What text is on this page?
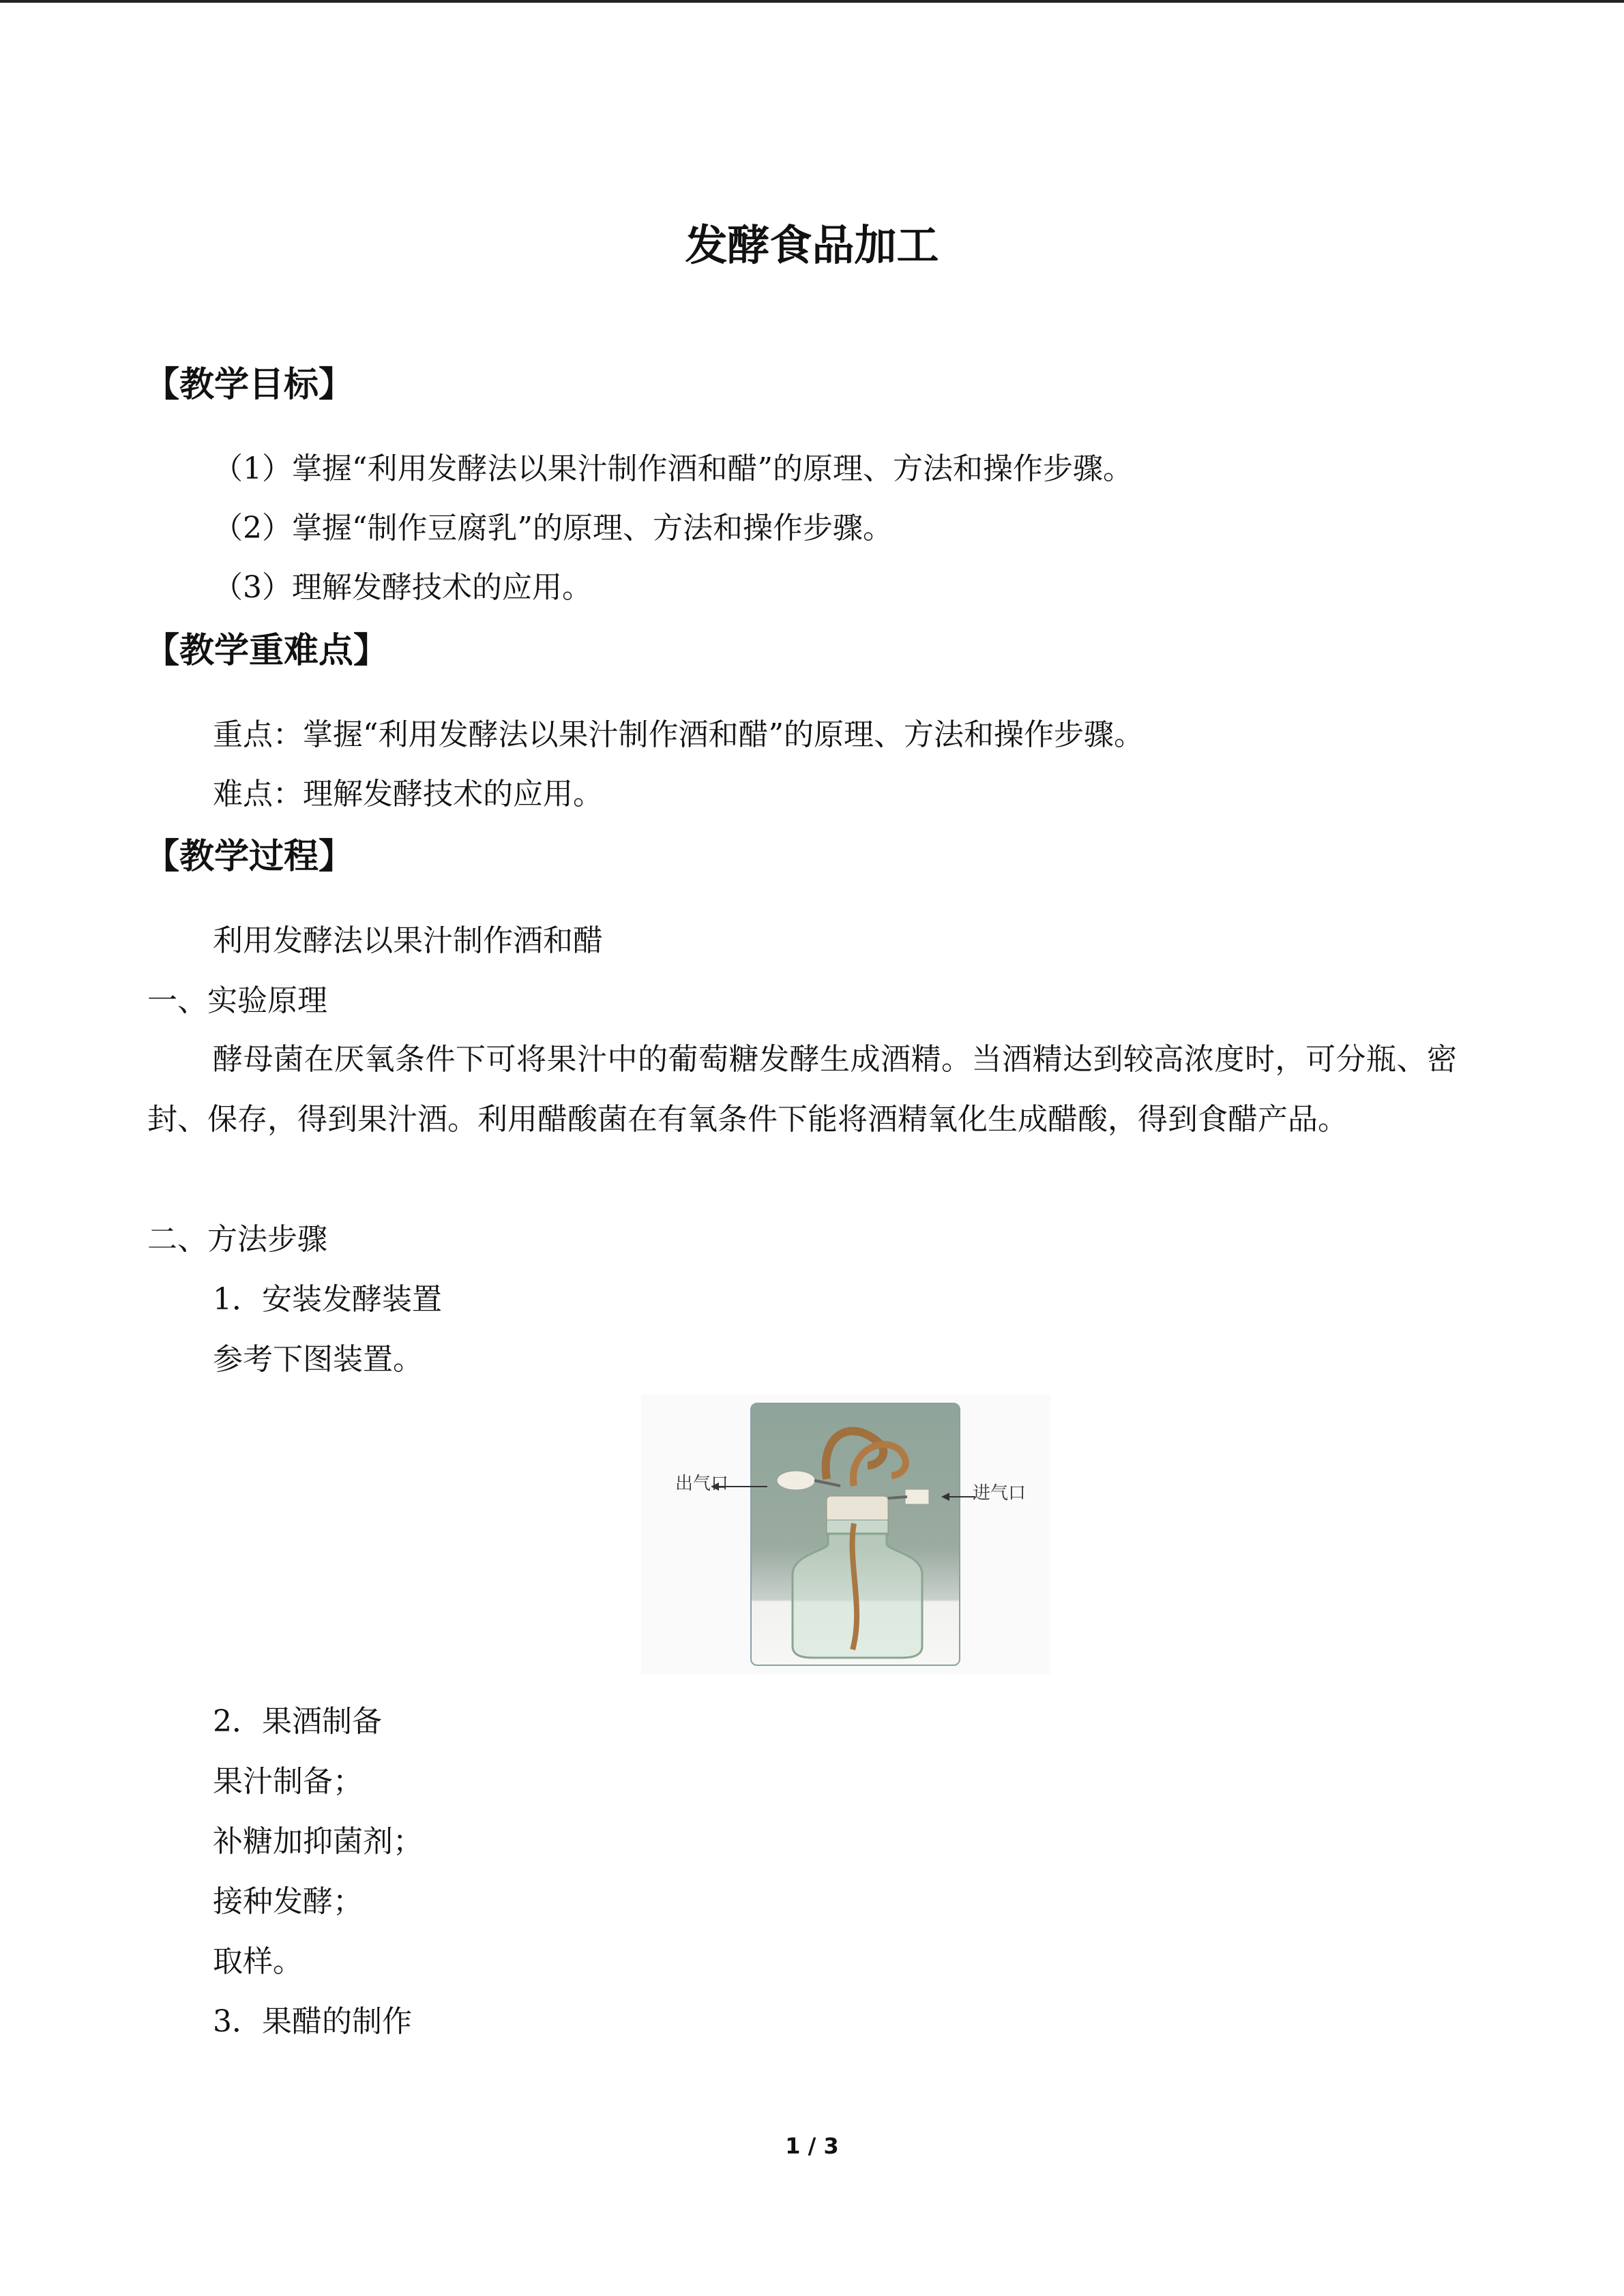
发酵食品加工
【教学目标】
（1）掌握“利用发酵法以果汁制作酒和醋”的原理、方法和操作步骤。
（2）掌握“制作豆腐乳”的原理、方法和操作步骤。
（3）理解发酵技术的应用。
【教学重难点】
重点：掌握“利用发酵法以果汁制作酒和醋”的原理、方法和操作步骤。
难点：理解发酵技术的应用。
【教学过程】
利用发酵法以果汁制作酒和醋
一、实验原理
酵母菌在厌氧条件下可将果汁中的葡萄糖发酵生成酒精。当酒精达到较高浓度时，可分瓶、密封、保存，得到果汁酒。利用醋酸菌在有氧条件下能将酒精氧化生成醋酸，得到食醋产品。
二、方法步骤
1．安装发酵装置
参考下图装置。
出气口	进气口
2．果酒制备
果汁制备；
补糖加抑菌剂；
接种发酵；
取样。
3．果醋的制作
1 / 3
